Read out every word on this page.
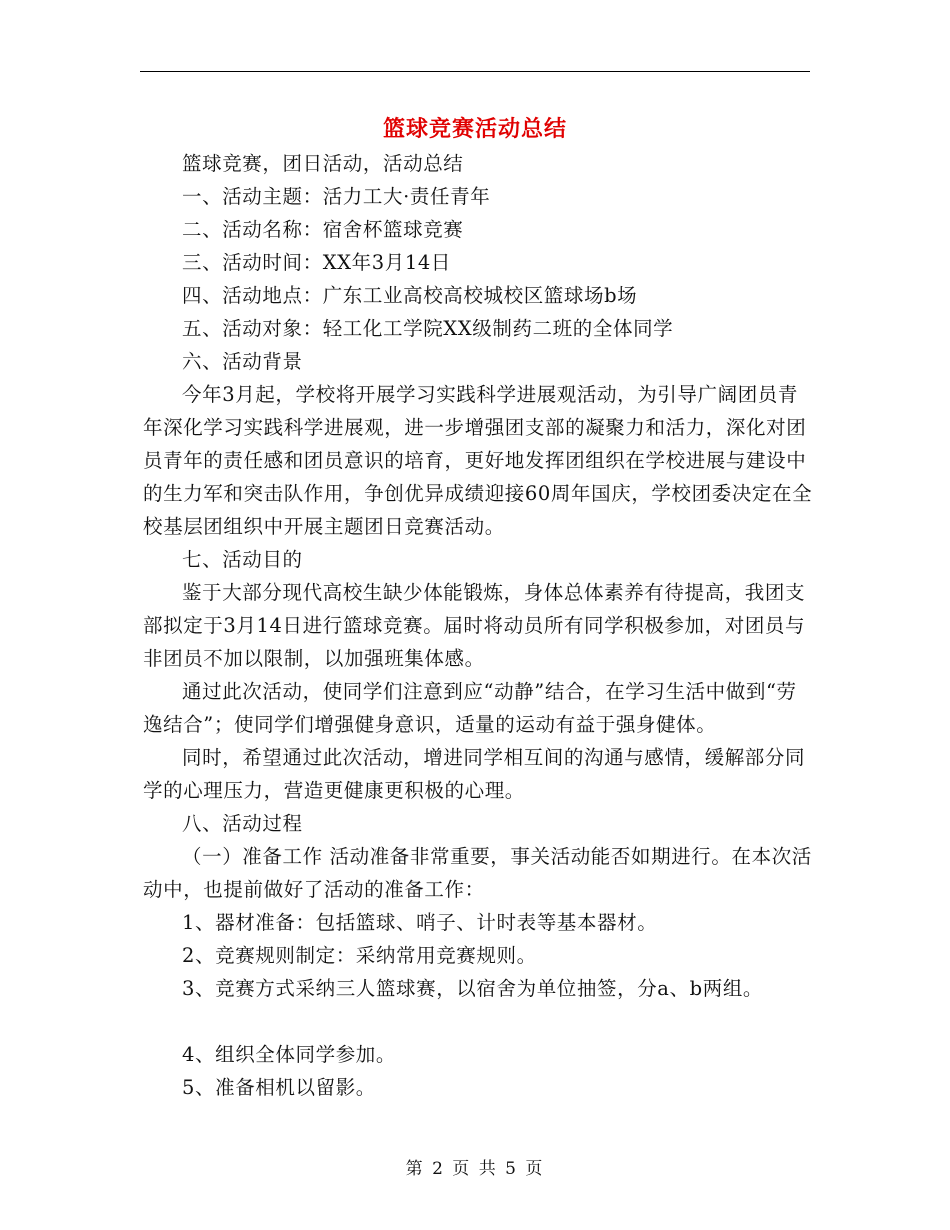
篮球竞赛活动总结

篮球竞赛，团日活动，活动总结

一、活动主题：活力工大·责任青年

二、活动名称：宿舍杯篮球竞赛

三、活动时间：XX年3月14日

四、活动地点：广东工业高校高校城校区篮球场b场

五、活动对象：轻工化工学院XX级制药二班的全体同学

六、活动背景

今年3月起，学校将开展学习实践科学进展观活动，为引导广阔团员青年深化学习实践科学进展观，进一步增强团支部的凝聚力和活力，深化对团员青年的责任感和团员意识的培育，更好地发挥团组织在学校进展与建设中的生力军和突击队作用，争创优异成绩迎接60周年国庆，学校团委决定在全校基层团组织中开展主题团日竞赛活动。

七、活动目的

鉴于大部分现代高校生缺少体能锻炼，身体总体素养有待提高，我团支部拟定于3月14日进行篮球竞赛。届时将动员所有同学积极参加，对团员与非团员不加以限制，以加强班集体感。

通过此次活动，使同学们注意到应“动静”结合，在学习生活中做到“劳逸结合”；使同学们增强健身意识，适量的运动有益于强身健体。

同时，希望通过此次活动，增进同学相互间的沟通与感情，缓解部分同学的心理压力，营造更健康更积极的心理。

八、活动过程

（一）准备工作 活动准备非常重要，事关活动能否如期进行。在本次活动中，也提前做好了活动的准备工作：

1、器材准备：包括篮球、哨子、计时表等基本器材。

2、竞赛规则制定：采纳常用竞赛规则。

3、竞赛方式采纳三人篮球赛，以宿舍为单位抽签，分a、b两组。

4、组织全体同学参加。

5、准备相机以留影。

第 2 页 共 5 页
